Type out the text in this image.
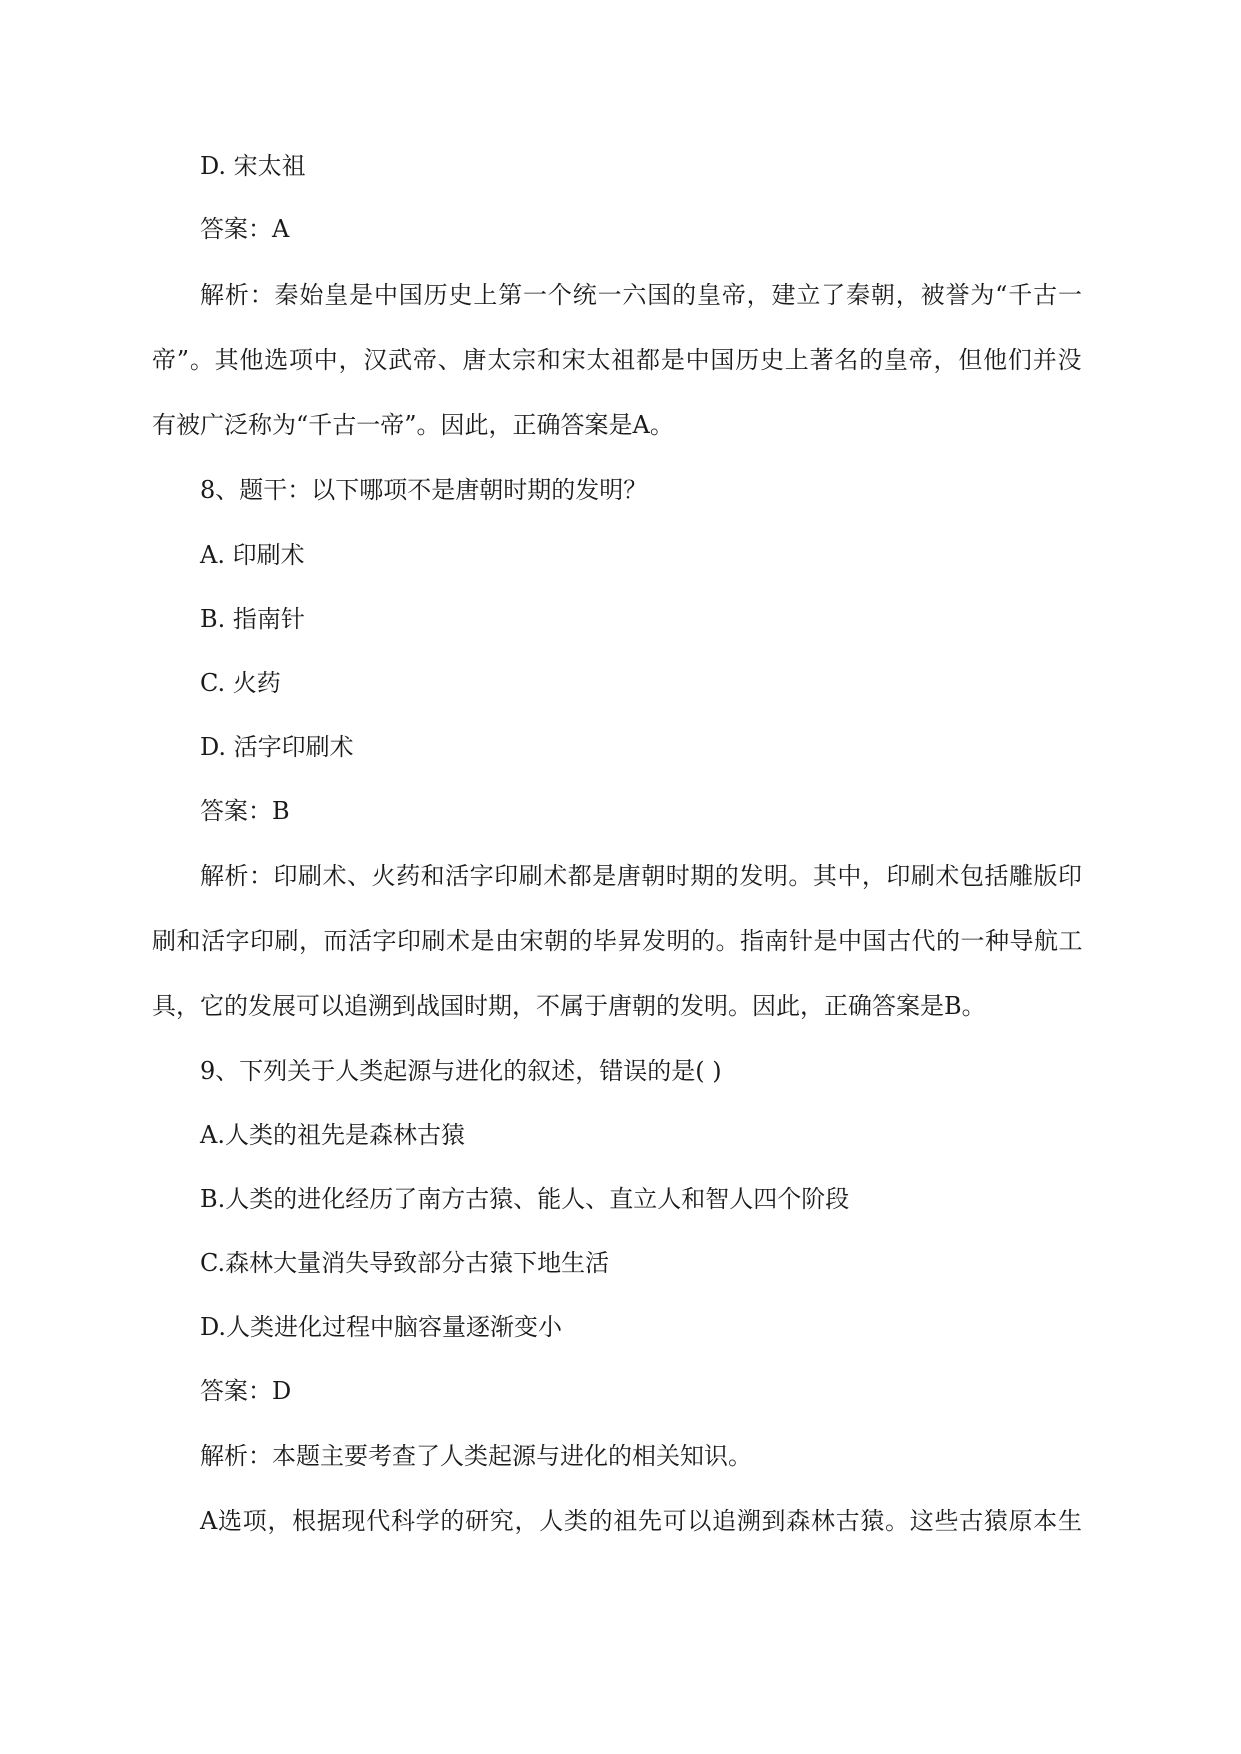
D. 宋太祖
答案：A
解析：秦始皇是中国历史上第一个统一六国的皇帝，建立了秦朝，被誉为“千古一
帝”。其他选项中，汉武帝、唐太宗和宋太祖都是中国历史上著名的皇帝，但他们并没
有被广泛称为“千古一帝”。因此，正确答案是A。
8、题干：以下哪项不是唐朝时期的发明？
A. 印刷术
B. 指南针
C. 火药
D. 活字印刷术
答案：B
解析：印刷术、火药和活字印刷术都是唐朝时期的发明。其中，印刷术包括雕版印
刷和活字印刷，而活字印刷术是由宋朝的毕昇发明的。指南针是中国古代的一种导航工
具，它的发展可以追溯到战国时期，不属于唐朝的发明。因此，正确答案是B。
9、下列关于人类起源与进化的叙述，错误的是( )
A.人类的祖先是森林古猿
B.人类的进化经历了南方古猿、能人、直立人和智人四个阶段
C.森林大量消失导致部分古猿下地生活
D.人类进化过程中脑容量逐渐变小
答案：D
解析：本题主要考查了人类起源与进化的相关知识。
A选项，根据现代科学的研究，人类的祖先可以追溯到森林古猿。这些古猿原本生
